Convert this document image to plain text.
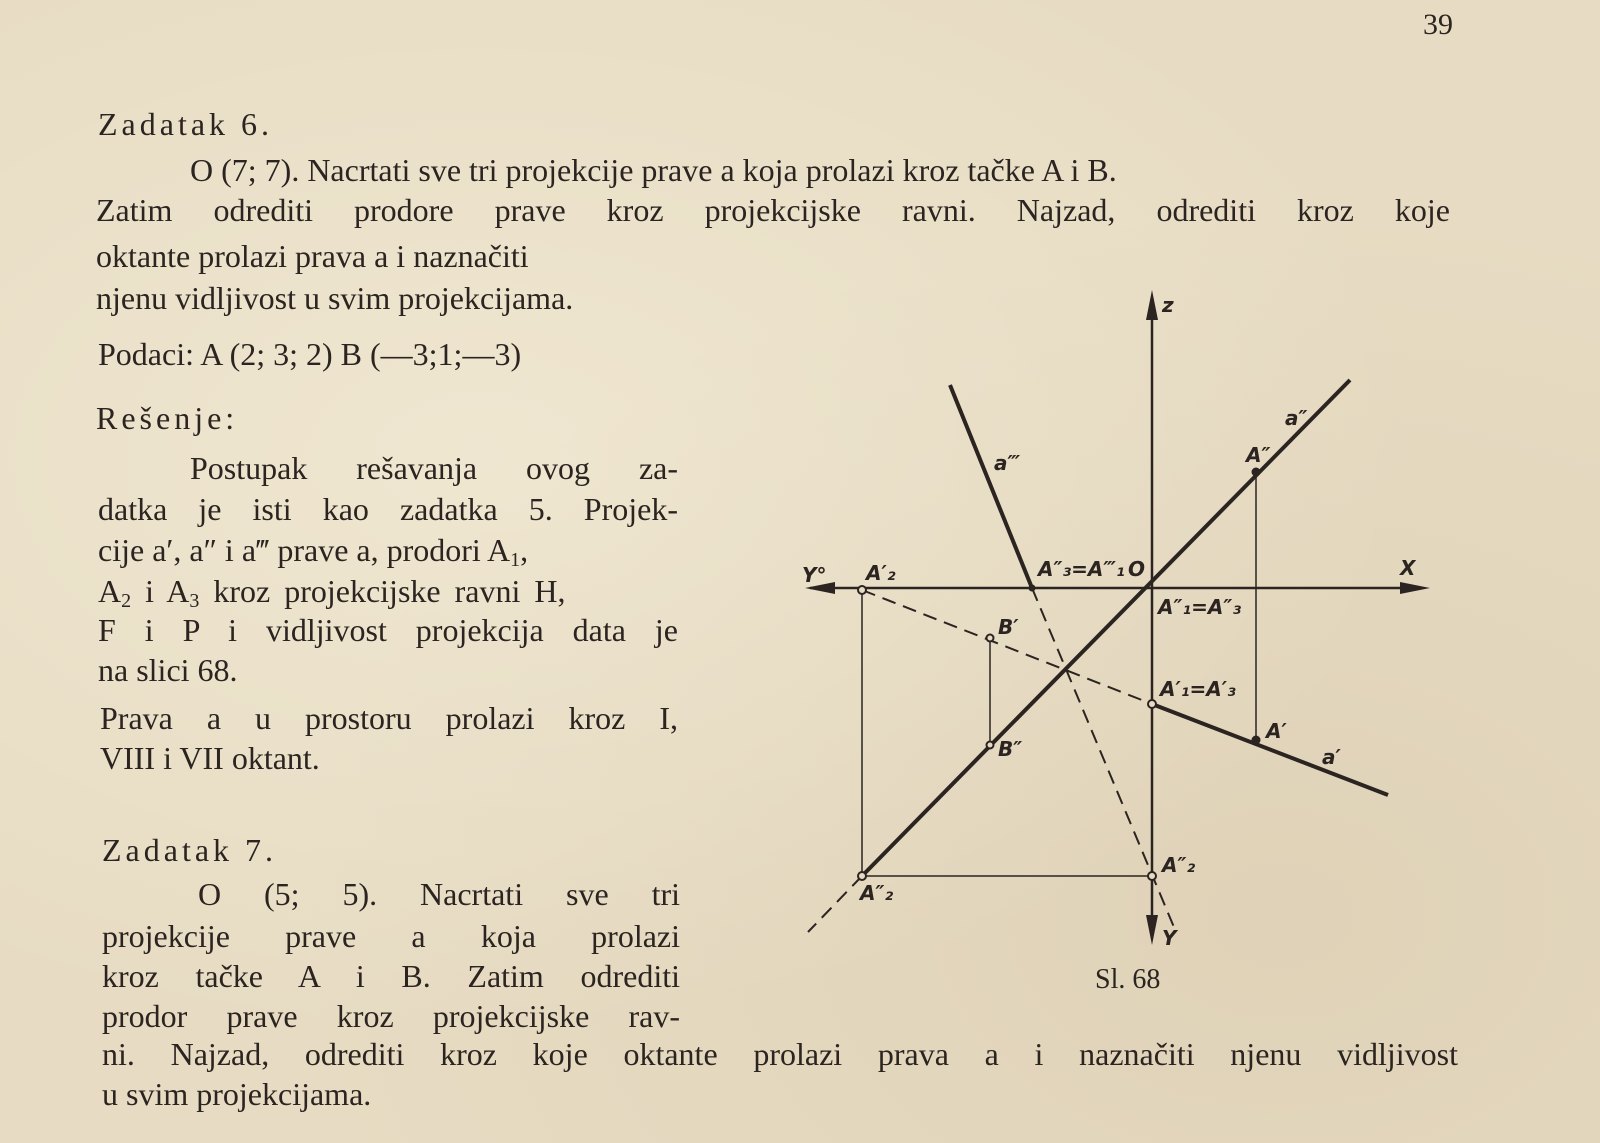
39
Zadatak 6.
O (7; 7). Nacrtati sve tri projekcije prave a koja prolazi kroz tačke A i B.
Zatim odrediti prodore prave kroz projekcijske ravni. Najzad, odrediti kroz koje
oktante prolazi prava a i naznačiti
njenu vidljivost u svim projekcijama.
Podaci: A (2; 3; 2) B (—3;1;—3)
Rešenje:
Postupak rešavanja ovog za-
datka je isti kao zadatka 5. Projek-
cije a′, a″ i a‴ prave a, prodori $A_1$,
$A_2$ i $A_3$ kroz projekcijske ravni H,
F i P i vidljivost projekcija data je
na slici 68.
Prava a u prostoru prolazi kroz I,
VIII i VII oktant.
Zadatak 7.
O (5; 5). Nacrtati sve tri
projekcije prave a koja prolazi
kroz tačke A i B. Zatim odrediti
prodor prave kroz projekcijske rav-
ni. Najzad, odrediti kroz koje oktante prolazi prava a i naznačiti njenu vidljivost
u svim projekcijama.
z
X
Y°
Y
O
a″
a‴
a′
A″
A′
A′₂	A″₃=A‴₁
A″₁=A″₃
A′₁=A′₃
B′
B″
A″₂
A″₂
Sl. 68
